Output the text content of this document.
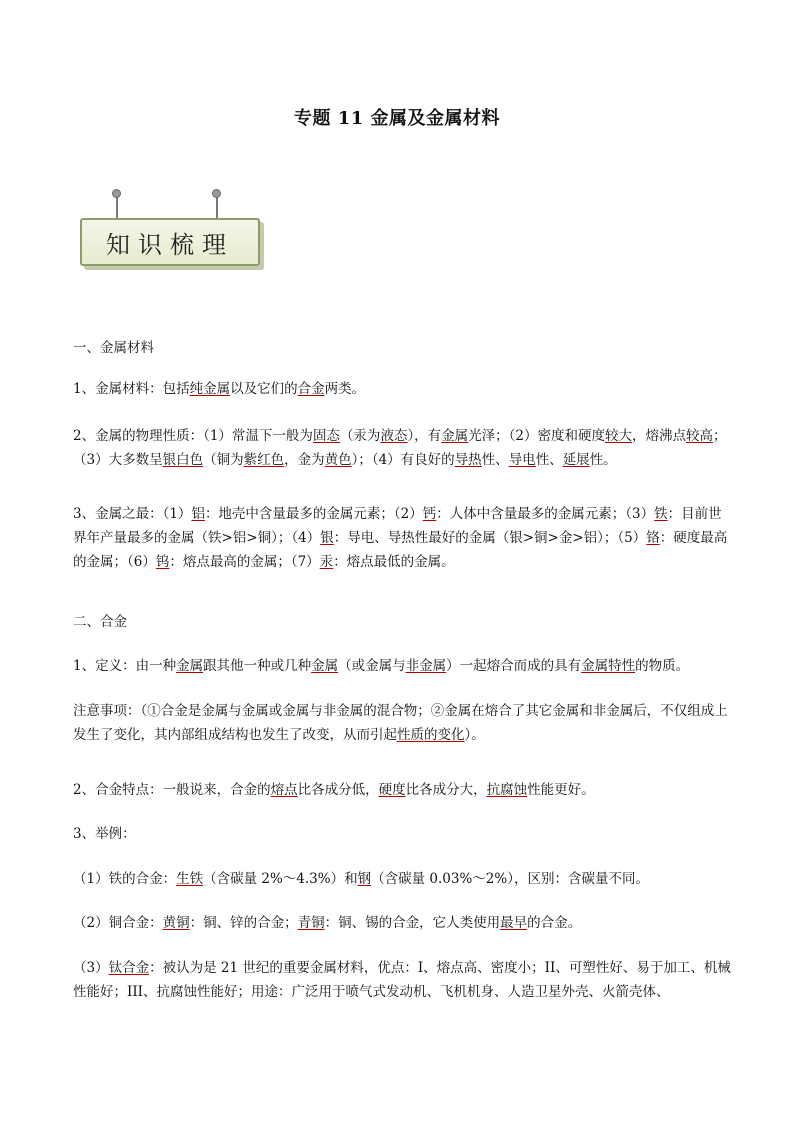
专题 11 金属及金属材料
知识梳理

一、金属材料

1、金属材料：包括纯金属以及它们的合金两类。

2、金属的物理性质：（1）常温下一般为固态（汞为液态），有金属光泽；（2）密度和硬度较大，熔沸点较高；（3）大多数呈银白色（铜为紫红色，金为黄色）；（4）有良好的导热性、导电性、延展性。

3、金属之最：（1）铝：地壳中含量最多的金属元素；（2）钙：人体中含量最多的金属元素；（3）铁：目前世界年产量最多的金属（铁>铝>铜）；（4）银：导电、导热性最好的金属（银>铜>金>铝）；（5）铬：硬度最高的金属；（6）钨：熔点最高的金属；（7）汞：熔点最低的金属。

二、合金

1、定义：由一种金属跟其他一种或几种金属（或金属与非金属）一起熔合而成的具有金属特性的物质。

注意事项：（①合金是金属与金属或金属与非金属的混合物；②金属在熔合了其它金属和非金属后，不仅组成上发生了变化，其内部组成结构也发生了改变，从而引起性质的变化）。

2、合金特点：一般说来，合金的熔点比各成分低，硬度比各成分大，抗腐蚀性能更好。

3、举例：

（1）铁的合金：生铁（含碳量 2%～4.3%）和钢（含碳量 0.03%～2%），区别：含碳量不同。

（2）铜合金：黄铜：铜、锌的合金；青铜：铜、锡的合金，它人类使用最早的合金。

（3）钛合金：被认为是 21 世纪的重要金属材料，优点：I、熔点高、密度小；II、可塑性好、易于加工、机械性能好；III、抗腐蚀性能好；用途：广泛用于喷气式发动机、飞机机身、人造卫星外壳、火箭壳体、
